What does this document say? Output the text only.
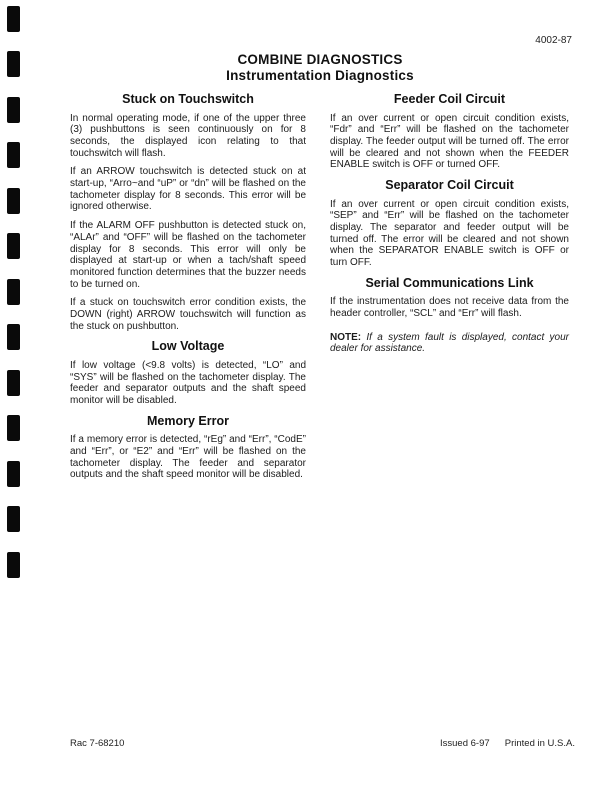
4002-87
COMBINE DIAGNOSTICS
Instrumentation Diagnostics
Stuck on Touchswitch

In normal operating mode, if one of the upper three (3) pushbuttons is seen continuously on for 8 seconds, the displayed icon relating to that touchswitch will flash.

If an ARROW touchswitch is detected stuck on at start-up, “Arro~and “uP” or “dn” will be flashed on the tachometer display for 8 seconds. This error will be ignored otherwise.

If the ALARM OFF pushbutton is detected stuck on, “ALAr” and “OFF” will be flashed on the tachometer display for 8 seconds. This error will only be displayed at start-up or when a tach/shaft speed monitored function determines that the buzzer needs to be turned on.

If a stuck on touchswitch error condition exists, the DOWN (right) ARROW touchswitch will function as the stuck on pushbutton.

Low Voltage

If low voltage (<9.8 volts) is detected, “LO” and “SYS” will be flashed on the tachometer display. The feeder and separator outputs and the shaft speed monitor will be disabled.

Memory Error

If a memory error is detected, “rEg” and “Err”, “CodE” and “Err”, or “E2” and “Err” will be flashed on the tachometer display. The feeder and separator outputs and the shaft speed monitor will be disabled.

Feeder Coil Circuit

If an over current or open circuit condition exists, “Fdr” and “Err” will be flashed on the tachometer display. The feeder output will be turned off. The error will be cleared and not shown when the FEEDER ENABLE switch is OFF or turned OFF.

Separator Coil Circuit

If an over current or open circuit condition exists, “SEP” and “Err” will be flashed on the tachometer display. The separator and feeder output will be turned off. The error will be cleared and not shown when the SEPARATOR ENABLE switch is OFF or turn OFF.

Serial Communications Link

If the instrumentation does not receive data from the header controller, “SCL” and “Err” will flash.

NOTE: If a system fault is displayed, contact your dealer for assistance.

Rac 7-68210	Issued 6-97 Printed in U.S.A.
